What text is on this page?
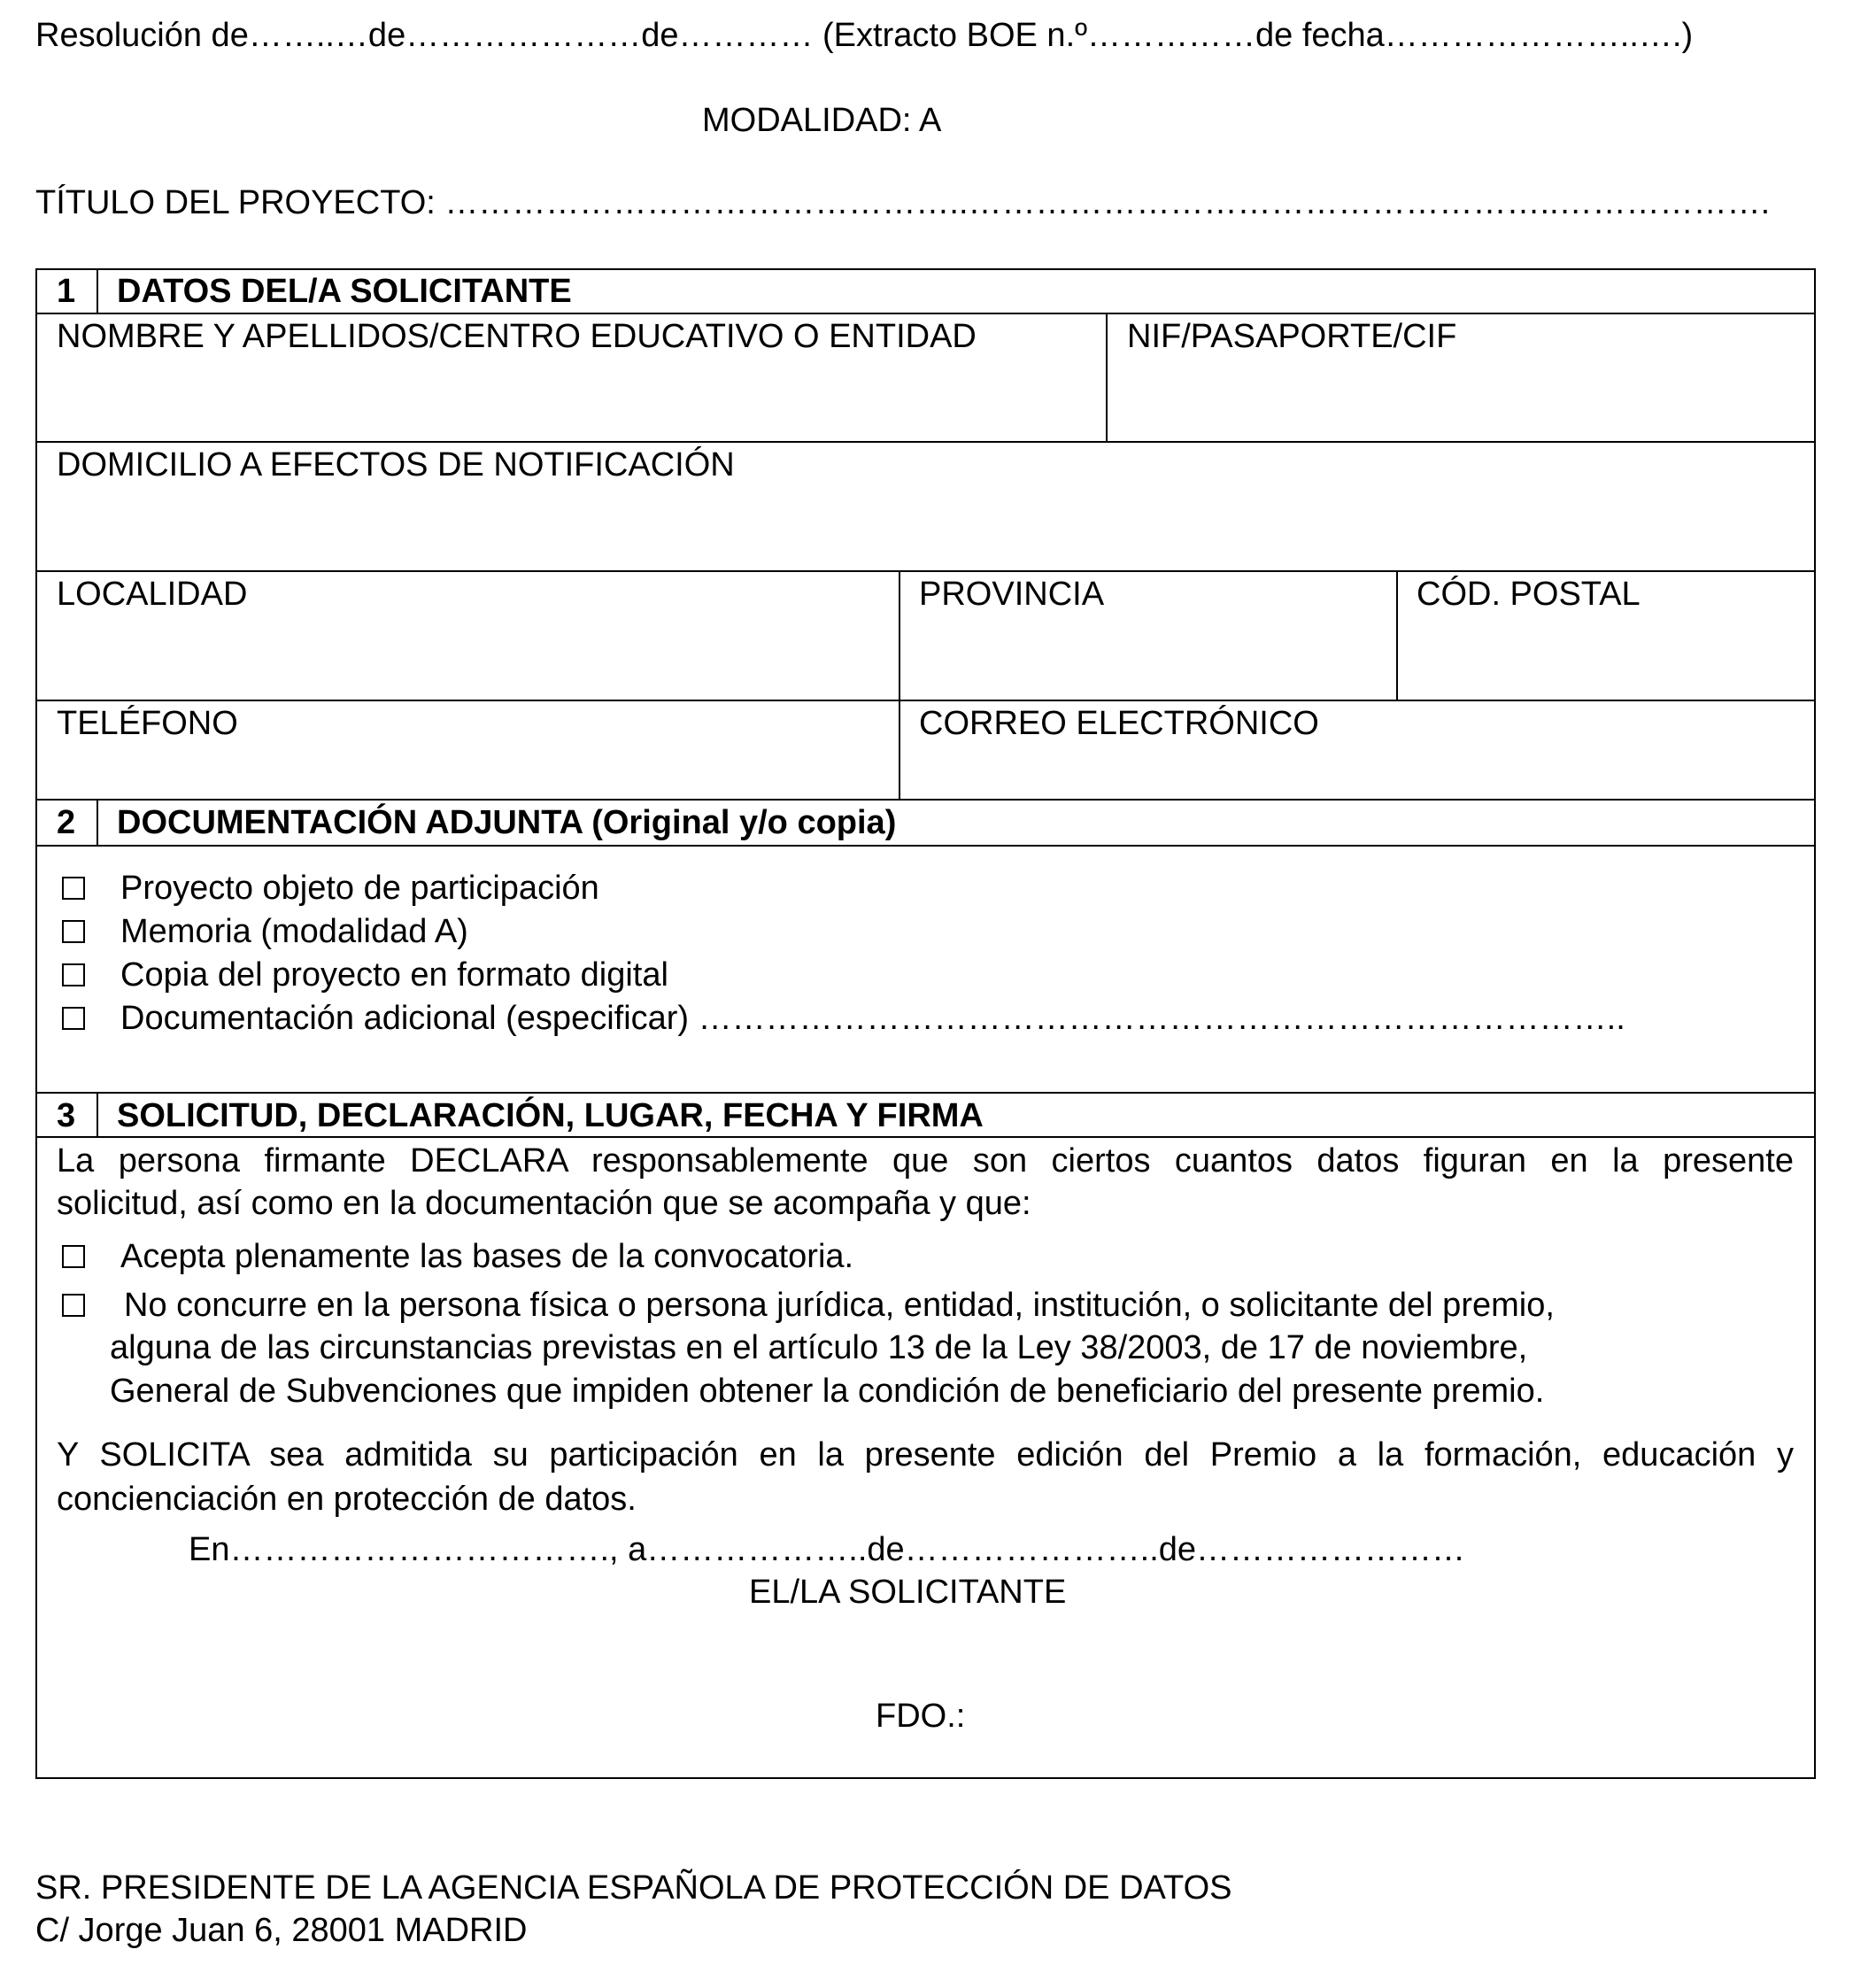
Resolución de……..…de…………………de………… (Extracto BOE n.º……………de fecha…………………..….)
MODALIDAD: A
TÍTULO DEL PROYECTO: ………………………………………..……………………………………………..……………….
1 DATOS DEL/A SOLICITANTE
NOMBRE Y APELLIDOS/CENTRO EDUCATIVO O ENTIDAD	NIF/PASAPORTE/CIF
DOMICILIO A EFECTOS DE NOTIFICACIÓN
LOCALIDAD	PROVINCIA	CÓD. POSTAL
TELÉFONO	CORREO ELECTRÓNICO
2 DOCUMENTACIÓN ADJUNTA (Original y/o copia)
Proyecto objeto de participación
Memoria (modalidad A)
Copia del proyecto en formato digital
Documentación adicional (especificar) ………………………………………………………………………..
3 SOLICITUD, DECLARACIÓN, LUGAR, FECHA Y FIRMA
La persona firmante DECLARA responsablemente que son ciertos cuantos datos figuran en la presente
solicitud, así como en la documentación que se acompaña y que:
Acepta plenamente las bases de la convocatoria.
No concurre en la persona física o persona jurídica, entidad, institución, o solicitante del premio,
alguna de las circunstancias previstas en el artículo 13 de la Ley 38/2003, de 17 de noviembre,
General de Subvenciones que impiden obtener la condición de beneficiario del presente premio.
Y SOLICITA sea admitida su participación en la presente edición del Premio a la formación, educación y
concienciación en protección de datos.
En……………………………., a………………..de…………………..de……………………
EL/LA SOLICITANTE
FDO.:
SR. PRESIDENTE DE LA AGENCIA ESPAÑOLA DE PROTECCIÓN DE DATOS
C/ Jorge Juan 6, 28001 MADRID
